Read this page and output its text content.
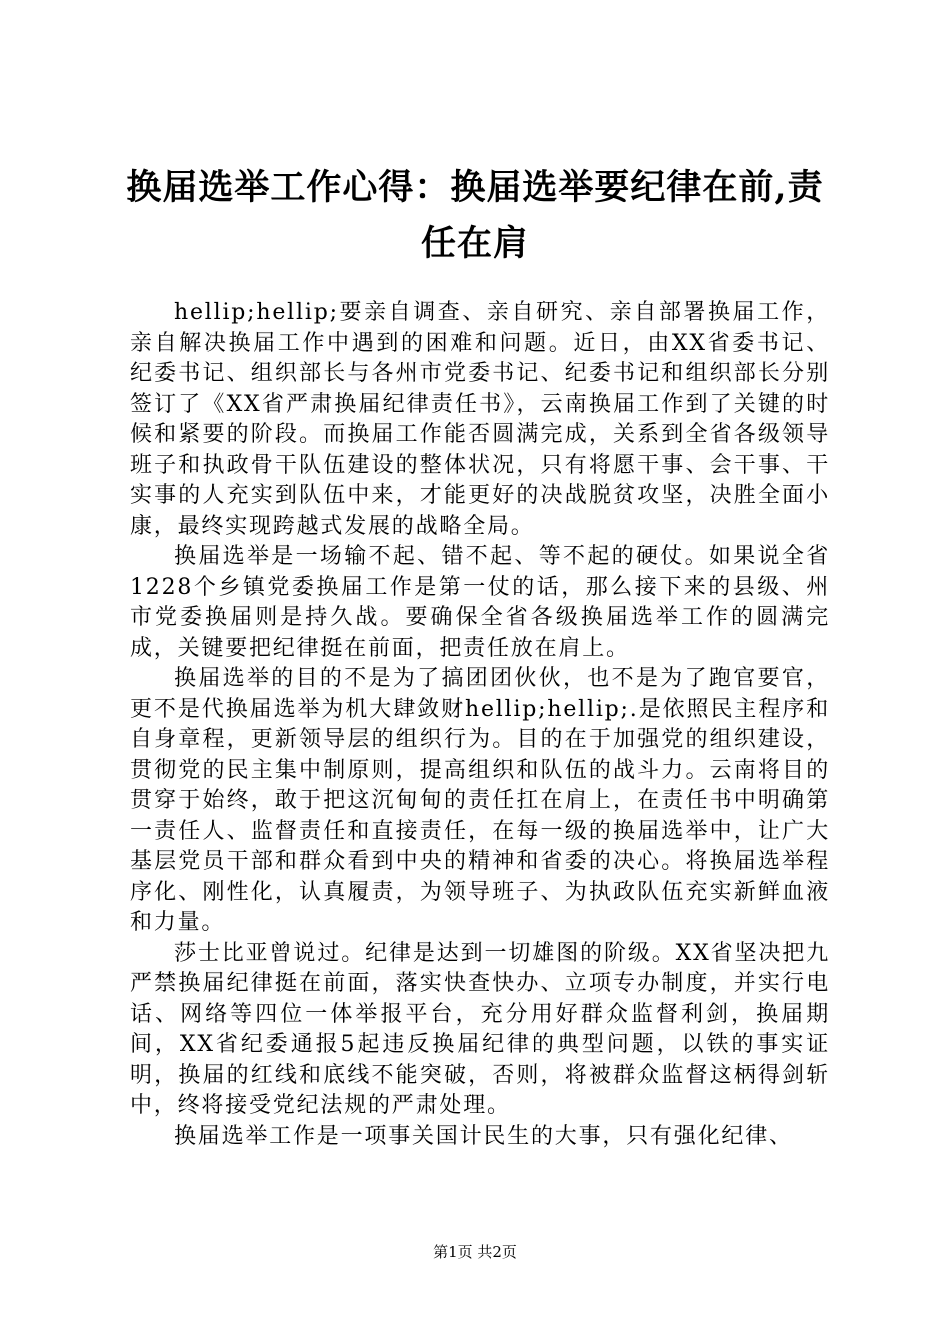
换届选举工作心得：换届选举要纪律在前,责任在肩

hellip;hellip;要亲自调查、亲自研究、亲自部署换届工作，亲自解决换届工作中遇到的困难和问题。近日，由XX省委书记、纪委书记、组织部长与各州市党委书记、纪委书记和组织部长分别签订了《XX省严肃换届纪律责任书》，云南换届工作到了关键的时候和紧要的阶段。而换届工作能否圆满完成，关系到全省各级领导班子和执政骨干队伍建设的整体状况，只有将愿干事、会干事、干实事的人充实到队伍中来，才能更好的决战脱贫攻坚，决胜全面小康，最终实现跨越式发展的战略全局。

换届选举是一场输不起、错不起、等不起的硬仗。如果说全省1228个乡镇党委换届工作是第一仗的话，那么接下来的县级、州市党委换届则是持久战。要确保全省各级换届选举工作的圆满完成，关键要把纪律挺在前面，把责任放在肩上。

换届选举的目的不是为了搞团团伙伙，也不是为了跑官要官，更不是代换届选举为机大肆敛财hellip;hellip;.是依照民主程序和自身章程，更新领导层的组织行为。目的在于加强党的组织建设，贯彻党的民主集中制原则，提高组织和队伍的战斗力。云南将目的贯穿于始终，敢于把这沉甸甸的责任扛在肩上，在责任书中明确第一责任人、监督责任和直接责任，在每一级的换届选举中，让广大基层党员干部和群众看到中央的精神和省委的决心。将换届选举程序化、刚性化，认真履责，为领导班子、为执政队伍充实新鲜血液和力量。

莎士比亚曾说过。纪律是达到一切雄图的阶级。XX省坚决把九严禁换届纪律挺在前面，落实快查快办、立项专办制度，并实行电话、网络等四位一体举报平台，充分用好群众监督利剑，换届期间，XX省纪委通报5起违反换届纪律的典型问题，以铁的事实证明，换届的红线和底线不能突破，否则，将被群众监督这柄得剑斩中，终将接受党纪法规的严肃处理。

换届选举工作是一项事关国计民生的大事，只有强化纪律、

第1页 共2页
